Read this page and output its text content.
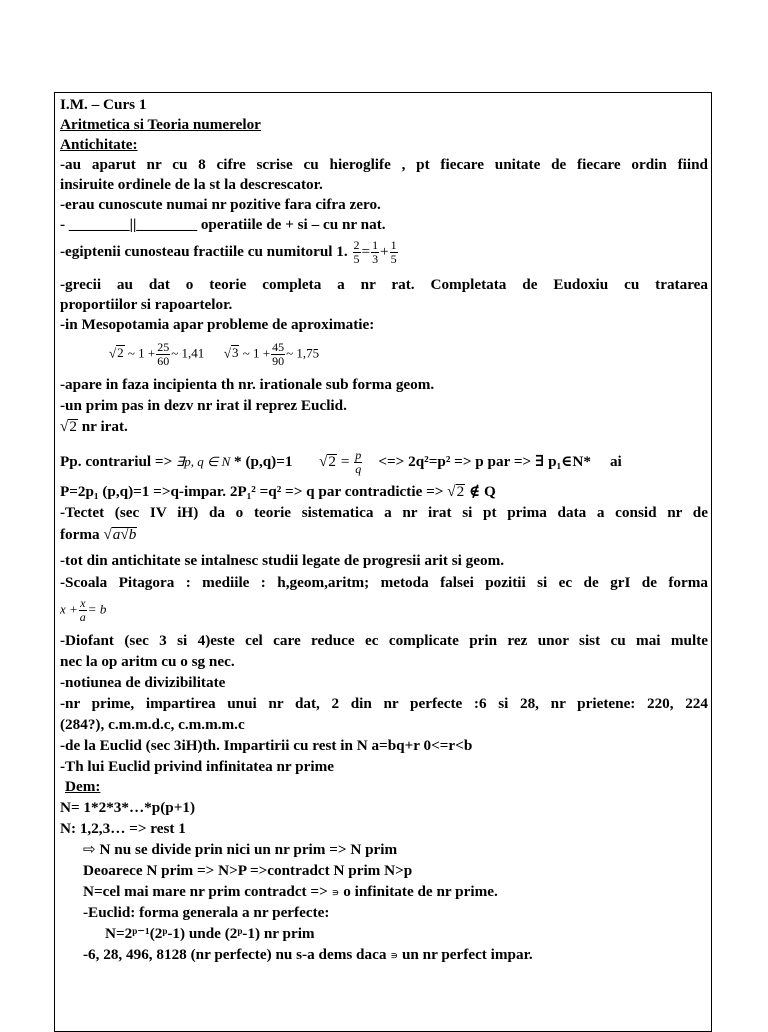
I.M. – Curs 1
Aritmetica si Teoria numerelor
Antichitate:
-au aparut nr cu 8 cifre scrise cu hieroglife , pt fiecare unitate de fiecare ordin fiind
insiruite ordinele de la st la descrescator.
-erau cunoscute numai nr pozitive fara cifra zero.
- ________||________ operatiile de + si – cu nr nat.
-egiptenii cunosteau fractiile cu numitorul 1. $\frac{2}{5} = \frac{1}{3} + \frac{1}{5}$
-grecii au dat o teorie completa a nr rat. Completata de Eudoxiu cu tratarea
proportiilor si rapoartelor.
-in Mesopotamia apar probleme de aproximatie:
√2 ~ $1 + \frac{25}{60}$ ~ 1,41 √3 ~ $1 + \frac{45}{90}$ ~ 1,75
-apare in faza incipienta th nr. irationale sub forma geom.
-un prim pas in dezv nr irat il reprez Euclid.
√2 nr irat.
Pp. contrariul => ∃p, q ∈ N * (p,q)=1 $√2 = \frac{p}{q}$ <=> 2q²=p² => p par => ∃ p₁∈N* ai
P=2p₁ (p,q)=1 =>q-impar. 2P₁² =q² => q par contradictie => √2 ∉ Q
-Tectet (sec IV iH) da o teorie sistematica a nr irat si pt prima data a consid nr de
forma √a√b
-tot din antichitate se intalnesc studii legate de progresii arit si geom.
-Scoala Pitagora : mediile : h,geom,aritm; metoda falsei pozitii si ec de grI de forma
$x + \frac{x}{a} = b$
-Diofant (sec 3 si 4)este cel care reduce ec complicate prin rez unor sist cu mai multe
nec la op aritm cu o sg nec.
-notiunea de divizibilitate
-nr prime, impartirea unui nr dat, 2 din nr perfecte :6 si 28, nr prietene: 220, 224
(284?), c.m.m.d.c, c.m.m.m.c
-de la Euclid (sec 3iH)th. Impartirii cu rest in N a=bq+r 0<=r<b
-Th lui Euclid privind infinitatea nr prime
Dem:
N= 1*2*3*…*p(p+1)
N: 1,2,3… => rest 1
⇨ N nu se divide prin nici un nr prim => N prim
Deoarece N prim => N>P =>contradct N prim N>p
N=cel mai mare nr prim contradct => ∍ o infinitate de nr prime.
-Euclid: forma generala a nr perfecte:
N=2ᵖ⁻¹(2ᵖ-1) unde (2ᵖ-1) nr prim
-6, 28, 496, 8128 (nr perfecte) nu s-a dems daca ∍ un nr perfect impar.
